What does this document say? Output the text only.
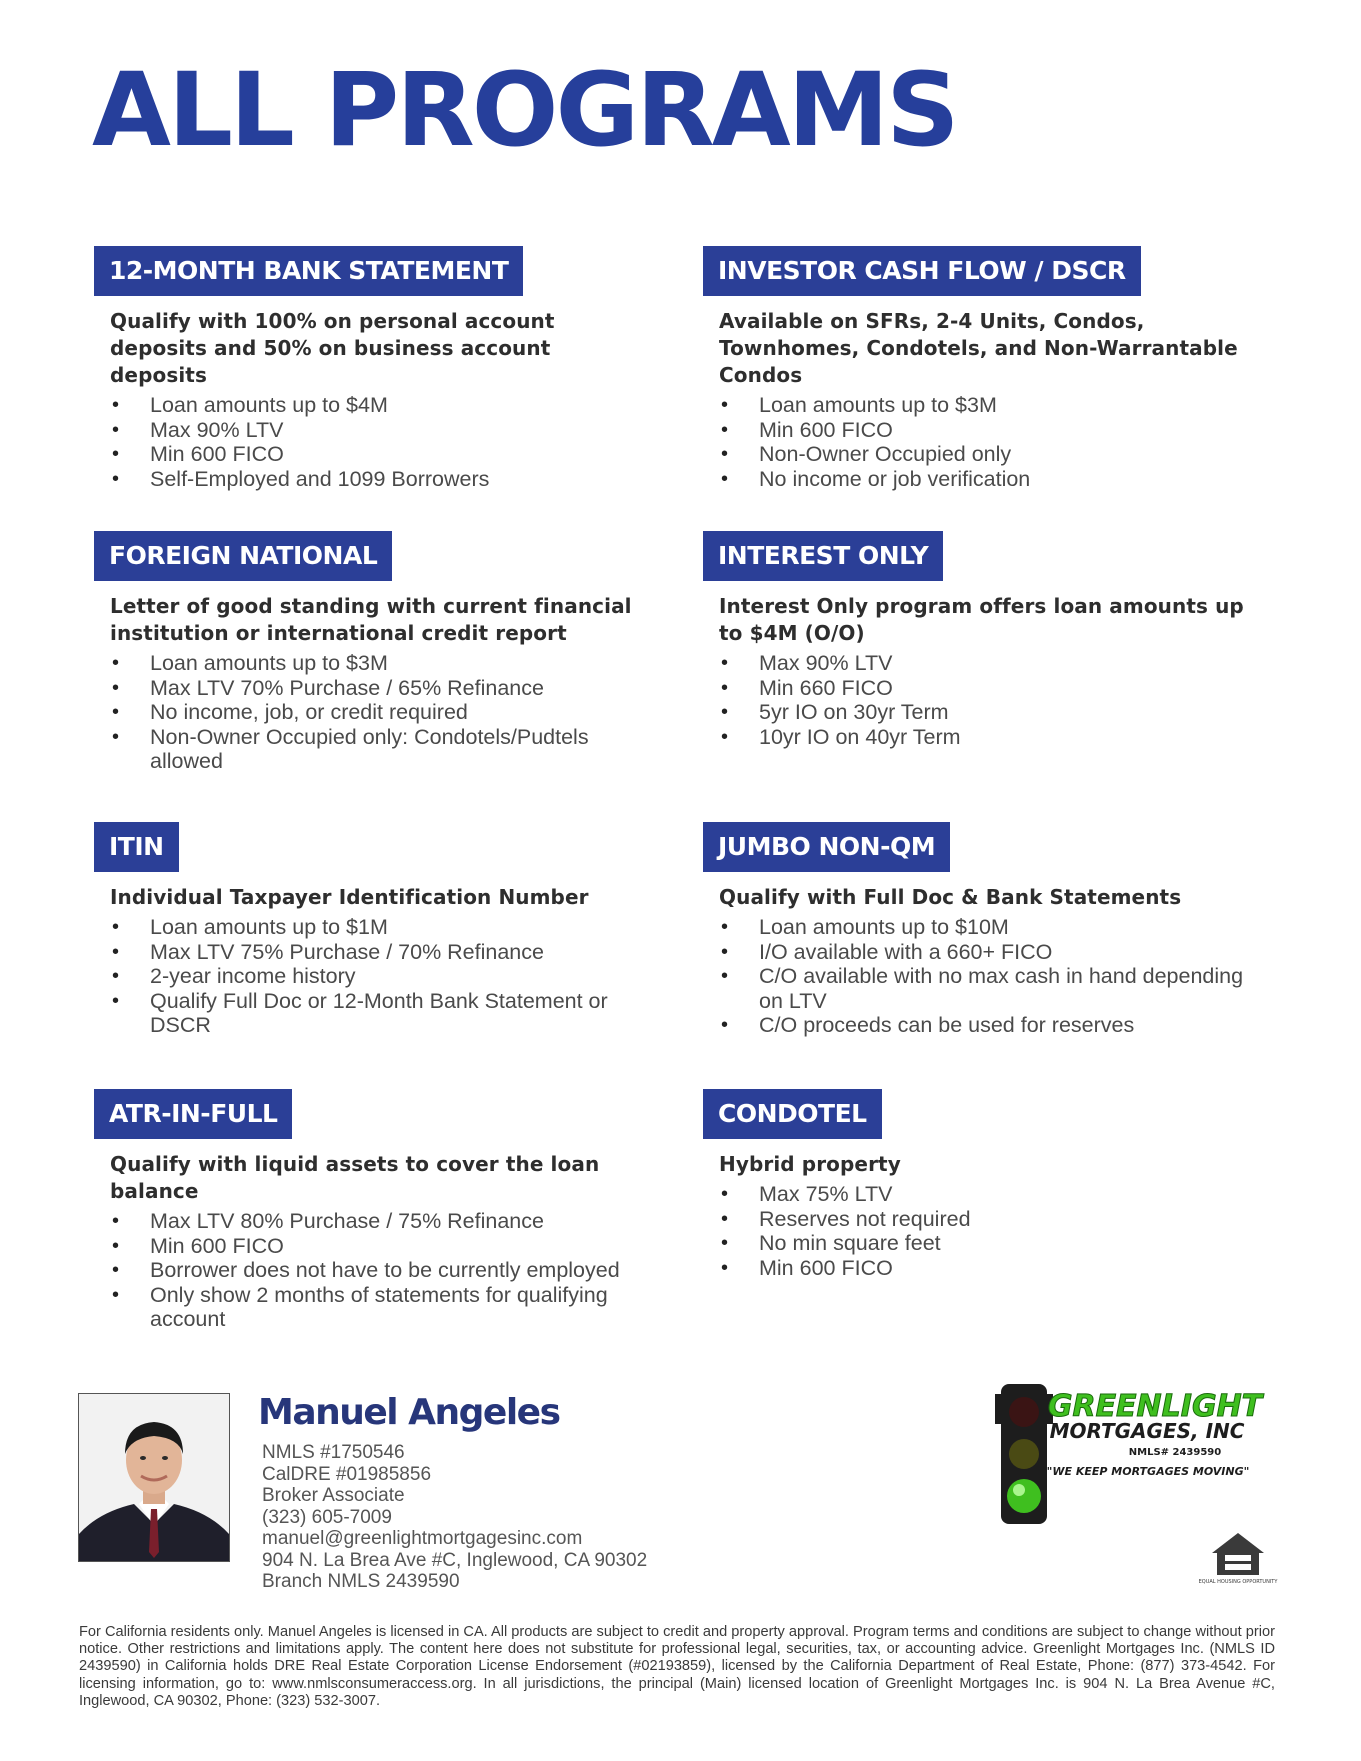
ALL PROGRAMS
12-MONTH BANK STATEMENT
Qualify with 100% on personal account deposits and 50% on business account deposits
• Loan amounts up to $4M
• Max 90% LTV
• Min 600 FICO
• Self-Employed and 1099 Borrowers
INVESTOR CASH FLOW / DSCR
Available on SFRs, 2-4 Units, Condos, Townhomes, Condotels, and Non-Warrantable Condos
• Loan amounts up to $3M
• Min 600 FICO
• Non-Owner Occupied only
• No income or job verification
FOREIGN NATIONAL
Letter of good standing with current financial institution or international credit report
• Loan amounts up to $3M
• Max LTV 70% Purchase / 65% Refinance
• No income, job, or credit required
• Non-Owner Occupied only: Condotels/Pudtels allowed
INTEREST ONLY
Interest Only program offers loan amounts up to $4M (O/O)
• Max 90% LTV
• Min 660 FICO
• 5yr IO on 30yr Term
• 10yr IO on 40yr Term
ITIN
Individual Taxpayer Identification Number
• Loan amounts up to $1M
• Max LTV 75% Purchase / 70% Refinance
• 2-year income history
• Qualify Full Doc or 12-Month Bank Statement or DSCR
JUMBO NON-QM
Qualify with Full Doc & Bank Statements
• Loan amounts up to $10M
• I/O available with a 660+ FICO
• C/O available with no max cash in hand depending on LTV
• C/O proceeds can be used for reserves
ATR-IN-FULL
Qualify with liquid assets to cover the loan balance
• Max LTV 80% Purchase / 75% Refinance
• Min 600 FICO
• Borrower does not have to be currently employed
• Only show 2 months of statements for qualifying account
CONDOTEL
Hybrid property
• Max 75% LTV
• Reserves not required
• No min square feet
• Min 600 FICO
Manuel Angeles
NMLS #1750546
CalDRE #01985856
Broker Associate
(323) 605-7009
manuel@greenlightmortgagesinc.com
904 N. La Brea Ave #C, Inglewood, CA 90302
Branch NMLS 2439590
GREENLIGHT
MORTGAGES, INC
NMLS# 2439590
"WE KEEP MORTGAGES MOVING"
EQUAL HOUSING OPPORTUNITY

For California residents only. Manuel Angeles is licensed in CA. All products are subject to credit and property approval. Program terms and conditions are subject to change without prior notice. Other restrictions and limitations apply. The content here does not substitute for professional legal, securities, tax, or accounting advice. Greenlight Mortgages Inc. (NMLS ID 2439590) in California holds DRE Real Estate Corporation License Endorsement (#02193859), licensed by the California Department of Real Estate, Phone: (877) 373-4542. For licensing information, go to: www.nmlsconsumeraccess.org. In all jurisdictions, the principal (Main) licensed location of Greenlight Mortgages Inc. is 904 N. La Brea Avenue #C, Inglewood, CA 90302, Phone: (323) 532-3007.
